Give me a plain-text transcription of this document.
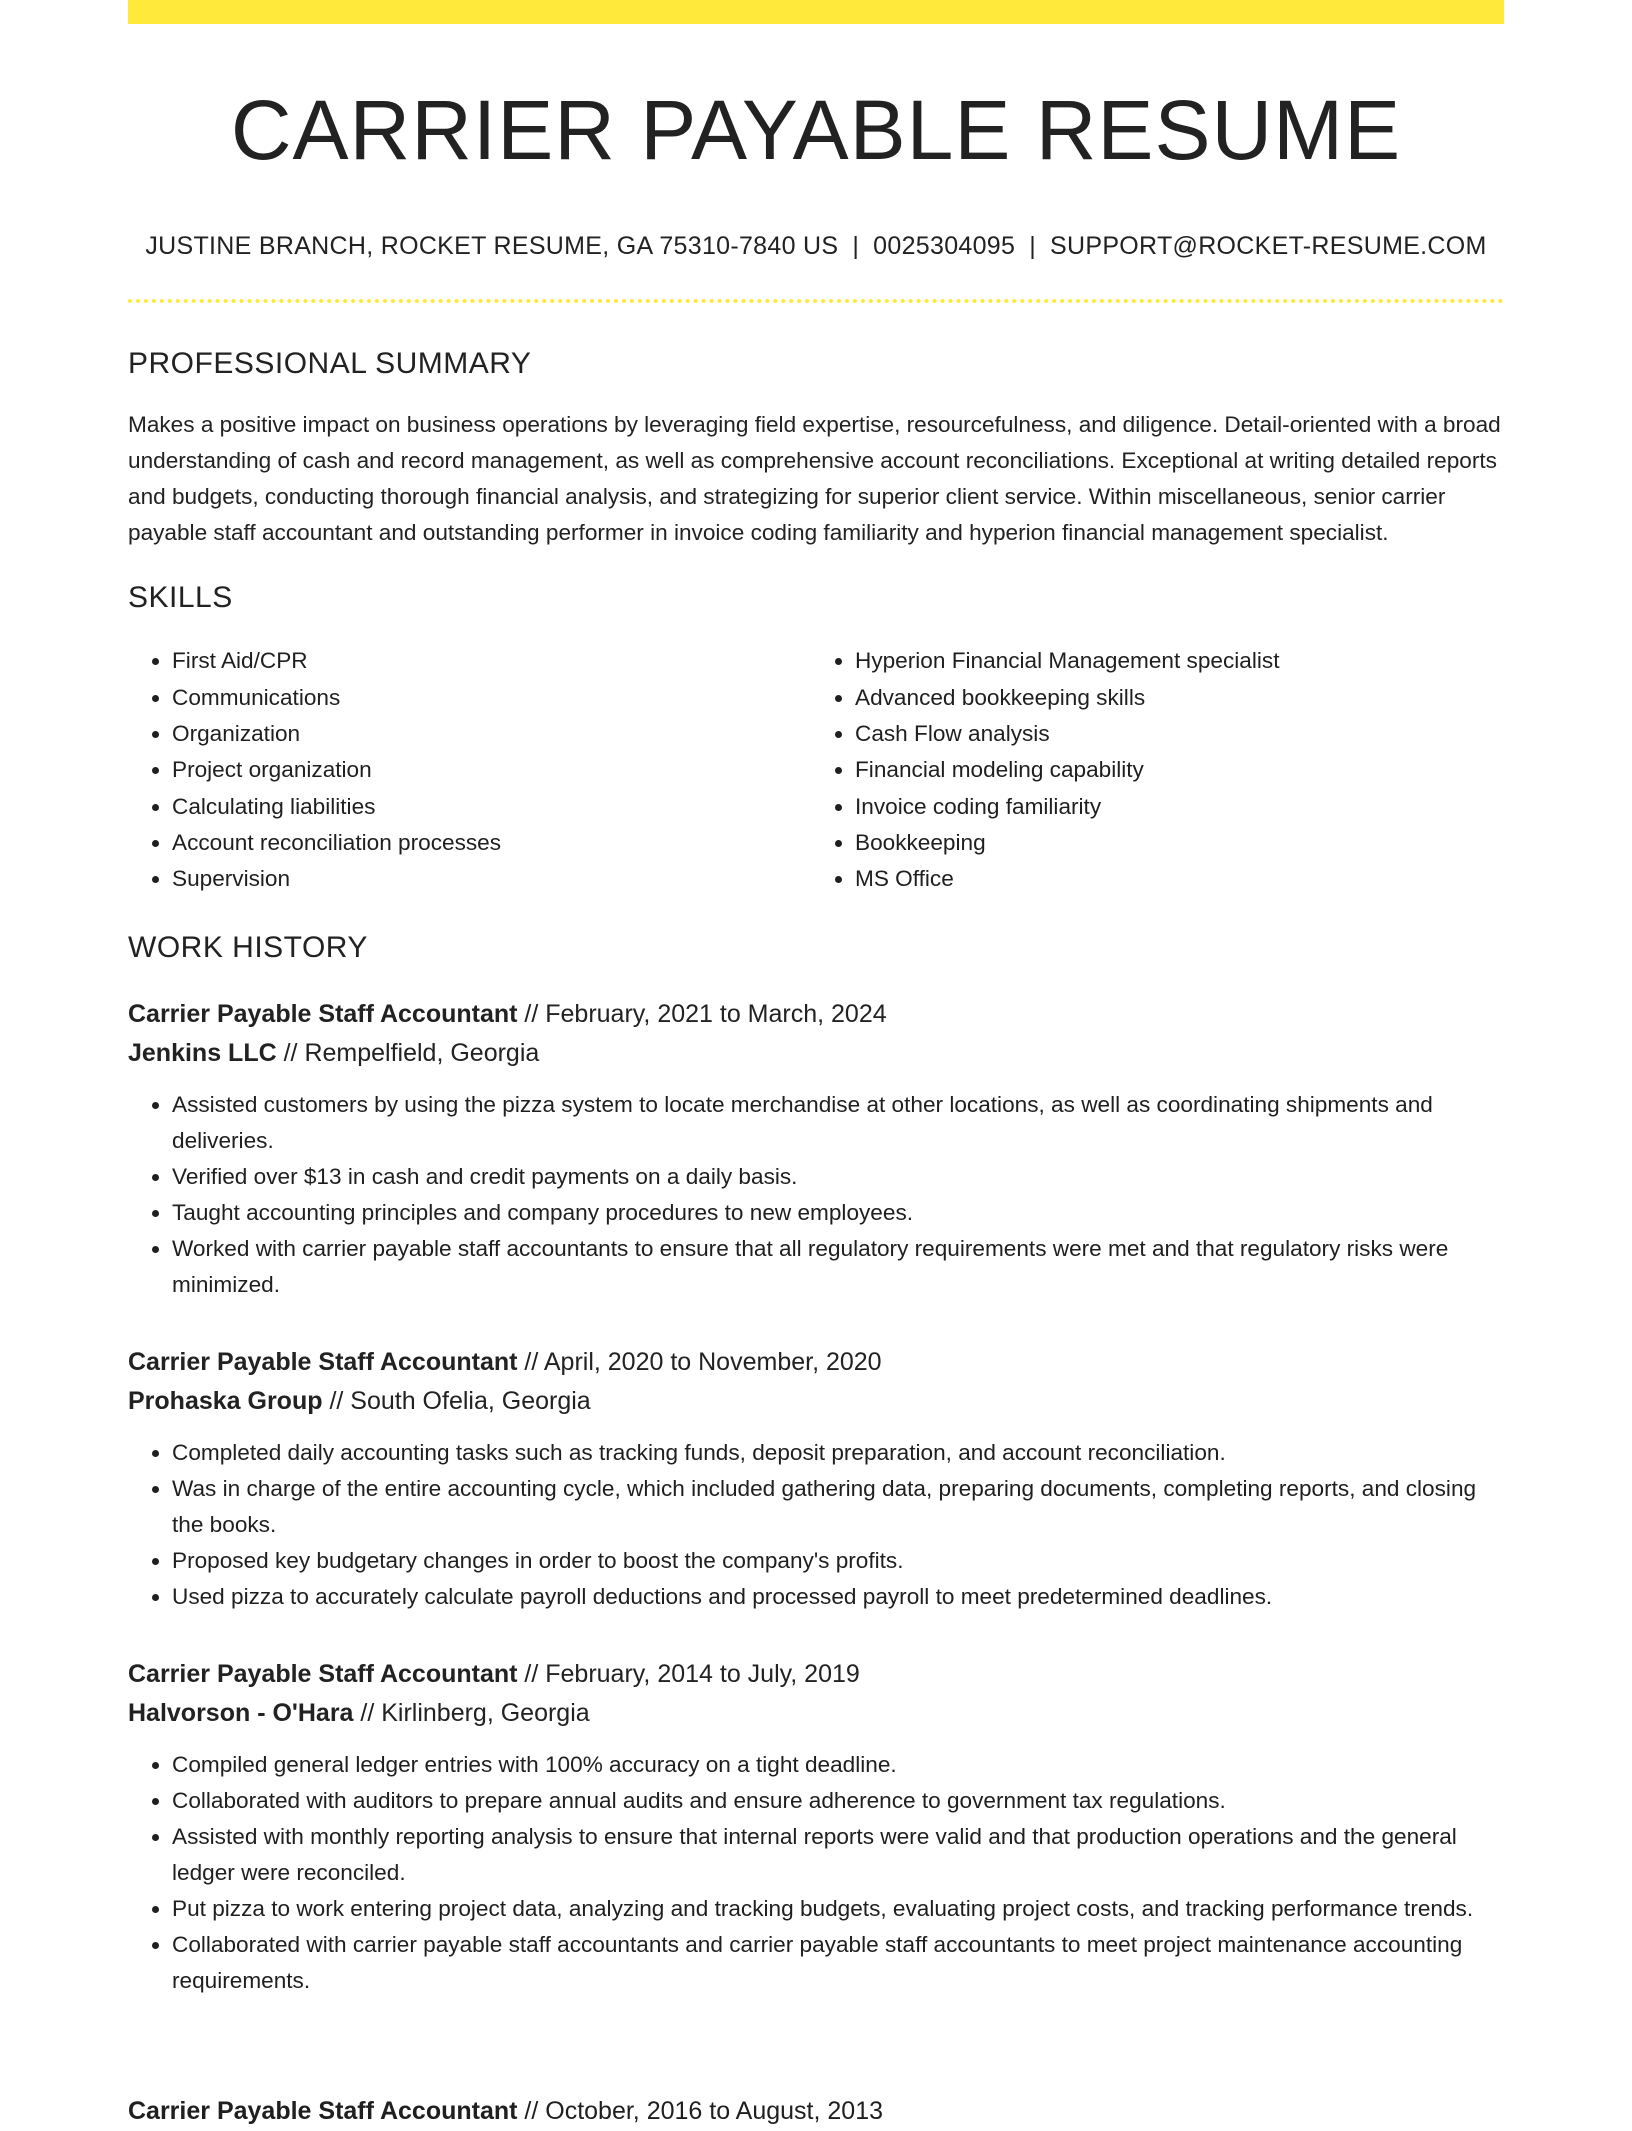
CARRIER PAYABLE RESUME
JUSTINE BRANCH, ROCKET RESUME, GA 75310-7840 US | 0025304095 | SUPPORT@ROCKET-RESUME.COM
PROFESSIONAL SUMMARY

Makes a positive impact on business operations by leveraging field expertise, resourcefulness, and diligence. Detail-oriented with a broad understanding of cash and record management, as well as comprehensive account reconciliations. Exceptional at writing detailed reports and budgets, conducting thorough financial analysis, and strategizing for superior client service. Within miscellaneous, senior carrier payable staff accountant and outstanding performer in invoice coding familiarity and hyperion financial management specialist.

SKILLS
• First Aid/CPR
• Communications
• Organization
• Project organization
• Calculating liabilities
• Account reconciliation processes
• Supervision
• Hyperion Financial Management specialist
• Advanced bookkeeping skills
• Cash Flow analysis
• Financial modeling capability
• Invoice coding familiarity
• Bookkeeping
• MS Office
WORK HISTORY
Carrier Payable Staff Accountant // February, 2021 to March, 2024
Jenkins LLC // Rempelfield, Georgia
• Assisted customers by using the pizza system to locate merchandise at other locations, as well as coordinating shipments and deliveries.
• Verified over $13 in cash and credit payments on a daily basis.
• Taught accounting principles and company procedures to new employees.
• Worked with carrier payable staff accountants to ensure that all regulatory requirements were met and that regulatory risks were minimized.
Carrier Payable Staff Accountant // April, 2020 to November, 2020
Prohaska Group // South Ofelia, Georgia
• Completed daily accounting tasks such as tracking funds, deposit preparation, and account reconciliation.
• Was in charge of the entire accounting cycle, which included gathering data, preparing documents, completing reports, and closing the books.
• Proposed key budgetary changes in order to boost the company's profits.
• Used pizza to accurately calculate payroll deductions and processed payroll to meet predetermined deadlines.
Carrier Payable Staff Accountant // February, 2014 to July, 2019
Halvorson - O'Hara // Kirlinberg, Georgia
• Compiled general ledger entries with 100% accuracy on a tight deadline.
• Collaborated with auditors to prepare annual audits and ensure adherence to government tax regulations.
• Assisted with monthly reporting analysis to ensure that internal reports were valid and that production operations and the general ledger were reconciled.
• Put pizza to work entering project data, analyzing and tracking budgets, evaluating project costs, and tracking performance trends.
• Collaborated with carrier payable staff accountants and carrier payable staff accountants to meet project maintenance accounting requirements.
Carrier Payable Staff Accountant // October, 2016 to August, 2013
